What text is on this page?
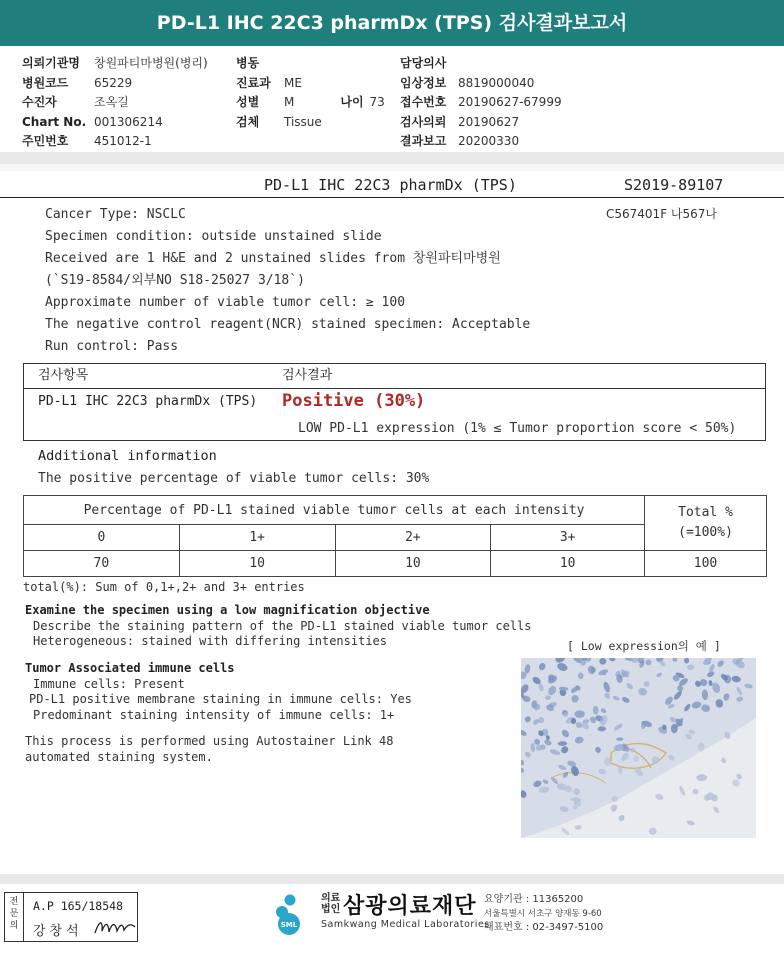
PD-L1 IHC 22C3 pharmDx (TPS) 검사결과보고서
의뢰기관명 창원파티마병원(병리)
병원코드 65229
수진자	조옥길
Chart No. 001306214
주민번호 451012-1
병동
진료과 ME
성별 M	나이 73
검체 Tissue
담당의사
임상정보 8819000040
접수번호 20190627-67999
검사의뢰 20190627
결과보고 20200330
PD-L1 IHC 22C3 pharmDx (TPS)	S2019-89107
Cancer Type: NSCLC
Specimen condition: outside unstained slide
Received are 1 H&E and 2 unstained slides from 창원파티마병원
(`S19-8584/외부NO S18-25027 3/18`)
Approximate number of viable tumor cell: ≥ 100
The negative control reagent(NCR) stained specimen: Acceptable
Run control: Pass
C567401F 나567나
검사항목	검사결과
PD-L1 IHC 22C3 pharmDx (TPS) Positive (30%)
LOW PD-L1 expression (1% ≤ Tumor proportion score < 50%)
Additional information
The positive percentage of viable tumor cells: 30%
Percentage of PD-L1 stained viable tumor cells at each intensity				Total %
(=100%)

0	1+	2+	3+	
70	10	10	10	100
total(%): Sum of 0,1+,2+ and 3+ entries
Examine the specimen using a low magnification objective
Describe the staining pattern of the PD-L1 stained viable tumor cells
Heterogeneous: stained with differing intensities	[ Low expression의 예 ]
Tumor Associated immune cells
Immune cells: Present
PD-L1 positive membrane staining in immune cells: Yes
Predominant staining intensity of immune cells: 1+
This process is performed using Autostainer Link 48
automated staining system.
전문의
A.P 165/18548
강창석	SML
의료
법인 삼광의료재단
Samkwang Medical Laboratories
요양기관 : 11365200
서울특별시 서초구 양재동 9-60
대표번호 : 02-3497-5100
